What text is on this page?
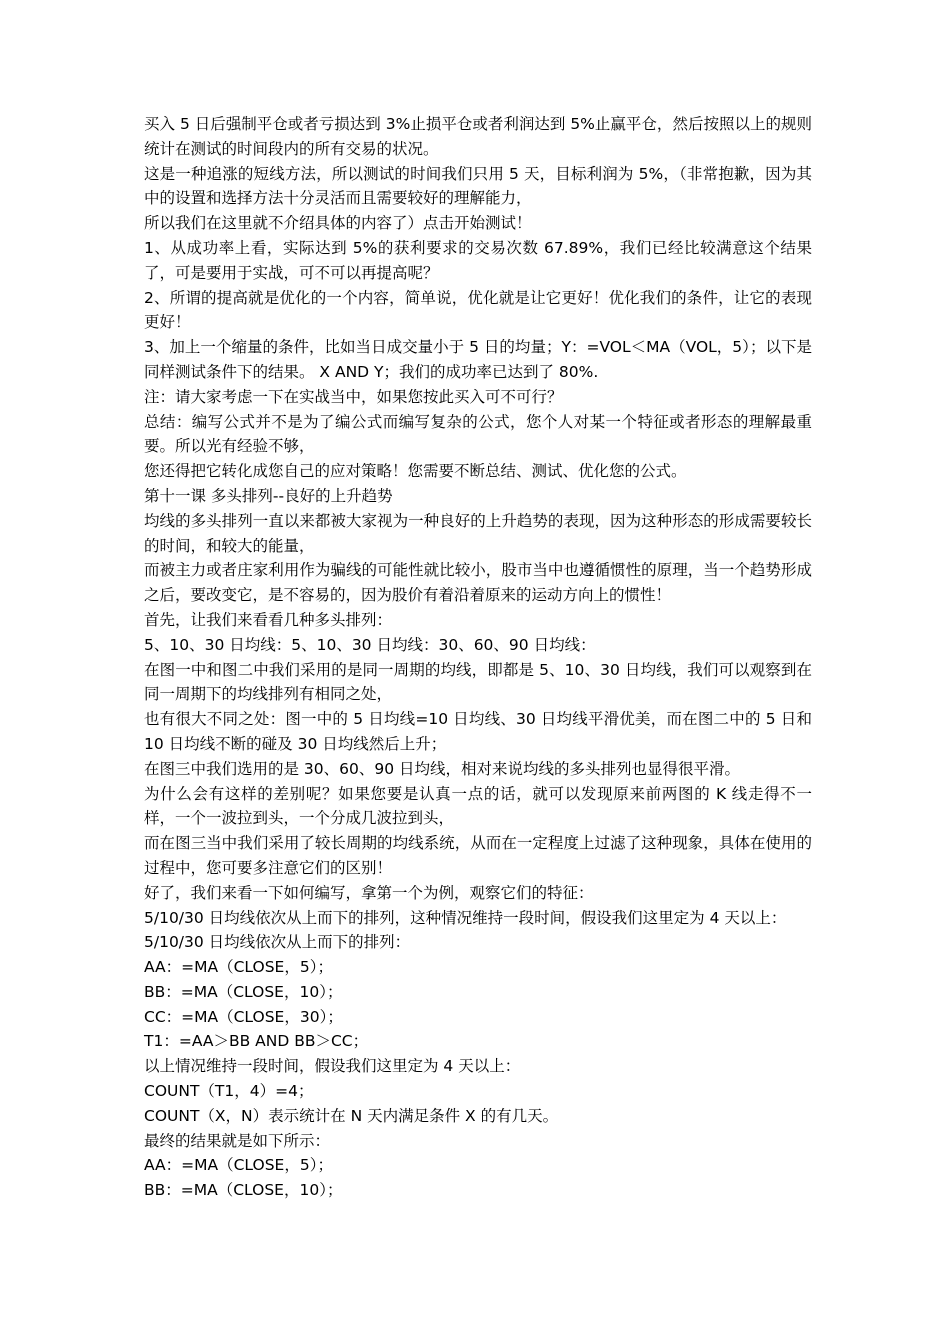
买入 5 日后强制平仓或者亏损达到 3%止损平仓或者利润达到 5%止赢平仓，然后按照以上的规则统计在测试的时间段内的所有交易的状况。

这是一种追涨的短线方法，所以测试的时间我们只用 5 天，目标利润为 5%，（非常抱歉，因为其中的设置和选择方法十分灵活而且需要较好的理解能力，

所以我们在这里就不介绍具体的内容了）点击开始测试！

1、从成功率上看，实际达到 5%的获利要求的交易次数 67.89%，我们已经比较满意这个结果了，可是要用于实战，可不可以再提高呢？

2、所谓的提高就是优化的一个内容，简单说，优化就是让它更好！优化我们的条件，让它的表现更好！

3、加上一个缩量的条件，比如当日成交量小于 5 日的均量；Y：=VOL＜MA（VOL，5）；以下是同样测试条件下的结果。 X AND Y；我们的成功率已达到了 80%.

注：请大家考虑一下在实战当中，如果您按此买入可不可行？

总结：编写公式并不是为了编公式而编写复杂的公式，您个人对某一个特征或者形态的理解最重要。所以光有经验不够，

您还得把它转化成您自己的应对策略！您需要不断总结、测试、优化您的公式。

第十一课 多头排列--良好的上升趋势

均线的多头排列一直以来都被大家视为一种良好的上升趋势的表现，因为这种形态的形成需要较长的时间，和较大的能量，

而被主力或者庄家利用作为骗线的可能性就比较小，股市当中也遵循惯性的原理，当一个趋势形成之后，要改变它，是不容易的，因为股价有着沿着原来的运动方向上的惯性！

首先，让我们来看看几种多头排列：

5、10、30 日均线：5、10、30 日均线：30、60、90 日均线：

在图一中和图二中我们采用的是同一周期的均线，即都是 5、10、30 日均线，我们可以观察到在同一周期下的均线排列有相同之处，

也有很大不同之处：图一中的 5 日均线=10 日均线、30 日均线平滑优美，而在图二中的 5 日和 10 日均线不断的碰及 30 日均线然后上升；

在图三中我们选用的是 30、60、90 日均线，相对来说均线的多头排列也显得很平滑。

为什么会有这样的差别呢？如果您要是认真一点的话，就可以发现原来前两图的 K 线走得不一样，一个一波拉到头，一个分成几波拉到头，

而在图三当中我们采用了较长周期的均线系统，从而在一定程度上过滤了这种现象，具体在使用的过程中，您可要多注意它们的区别！

好了，我们来看一下如何编写，拿第一个为例，观察它们的特征：

5/10/30 日均线依次从上而下的排列，这种情况维持一段时间，假设我们这里定为 4 天以上：

5/10/30 日均线依次从上而下的排列：

AA：=MA（CLOSE，5）；

BB：=MA（CLOSE，10）；

CC：=MA（CLOSE，30）；

T1：=AA＞BB AND BB＞CC；

以上情况维持一段时间，假设我们这里定为 4 天以上：

COUNT（T1，4）=4；

COUNT（X，N）表示统计在 N 天内满足条件 X 的有几天。

最终的结果就是如下所示：

AA：=MA（CLOSE，5）；

BB：=MA（CLOSE，10）；
